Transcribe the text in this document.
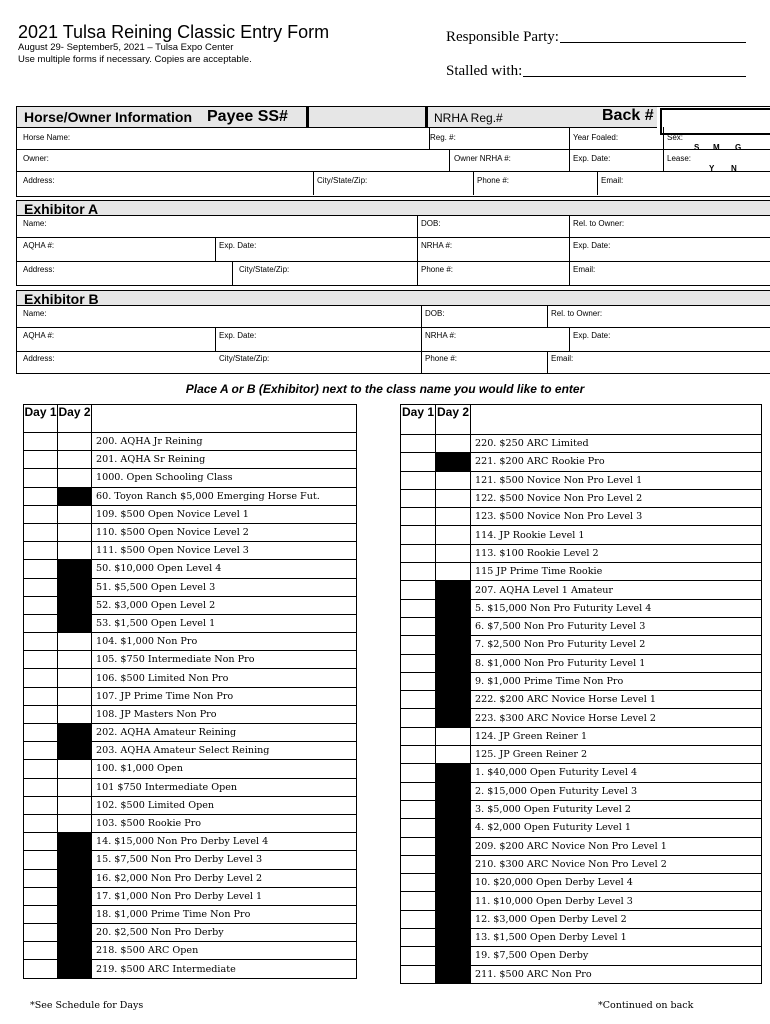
2021 Tulsa Reining Classic Entry Form
August 29- September5, 2021 – Tulsa Expo Center
Use multiple forms if necessary. Copies are acceptable.
Responsible Party:
Stalled with:
Horse/Owner Information Payee SS#	NRHA Reg.#	Back #
Horse Name:	Reg. #:	Year Foaled:	Sex:
S M G
Owner:	Owner NRHA #:	Exp. Date:	Lease:
Y N
Address:	City/State/Zip:	Phone #:	Email:
Exhibitor A
Name:	DOB:	Rel. to Owner:
AQHA #:	Exp. Date:	NRHA #:	Exp. Date:
Address:	City/State/Zip:	Phone #:	Email:
Exhibitor B
Name:	DOB:	Rel. to Owner:
AQHA #:	Exp. Date:	NRHA #:	Exp. Date:
Address:	City/State/Zip:	Phone #:	Email:
Place A or B (Exhibitor) next to the class name you would like to enter
Day 1	Day 2	
		200. AQHA Jr Reining
		201. AQHA Sr Reining
		1000. Open Schooling Class
		60. Toyon Ranch $5,000 Emerging Horse Fut.
		109. $500 Open Novice Level 1
		110. $500 Open Novice Level 2
		111. $500 Open Novice Level 3
		50. $10,000 Open Level 4
		51. $5,500 Open Level 3
		52. $3,000 Open Level 2
		53. $1,500 Open Level 1
		104. $1,000 Non Pro
		105. $750 Intermediate Non Pro
		106. $500 Limited Non Pro
		107. JP Prime Time Non Pro
		108. JP Masters Non Pro
		202. AQHA Amateur Reining
		203. AQHA Amateur Select Reining
		100. $1,000 Open
		101 $750 Intermediate Open
		102. $500 Limited Open
		103. $500 Rookie Pro
		14. $15,000 Non Pro Derby Level 4
		15. $7,500 Non Pro Derby Level 3
		16. $2,000 Non Pro Derby Level 2
		17. $1,000 Non Pro Derby Level 1
		18. $1,000 Prime Time Non Pro
		20. $2,500 Non Pro Derby
		218. $500 ARC Open
		219. $500 ARC Intermediate
Day 1	Day 2	
		220. $250 ARC Limited
		221. $200 ARC Rookie Pro
		121. $500 Novice Non Pro Level 1
		122. $500 Novice Non Pro Level 2
		123. $500 Novice Non Pro Level 3
		114. JP Rookie Level 1
		113. $100 Rookie Level 2
		115 JP Prime Time Rookie
		207. AQHA Level 1 Amateur
		5. $15,000 Non Pro Futurity Level 4
		6. $7,500 Non Pro Futurity Level 3
		7. $2,500 Non Pro Futurity Level 2
		8. $1,000 Non Pro Futurity Level 1
		9. $1,000 Prime Time Non Pro
		222. $200 ARC Novice Horse Level 1
		223. $300 ARC Novice Horse Level 2
		124. JP Green Reiner 1
		125. JP Green Reiner 2
		1. $40,000 Open Futurity Level 4
		2. $15,000 Open Futurity Level 3
		3. $5,000 Open Futurity Level 2
		4. $2,000 Open Futurity Level 1
		209. $200 ARC Novice Non Pro Level 1
		210. $300 ARC Novice Non Pro Level 2
		10. $20,000 Open Derby Level 4
		11. $10,000 Open Derby Level 3
		12. $3,000 Open Derby Level 2
		13. $1,500 Open Derby Level 1
		19. $7,500 Open Derby
		211. $500 ARC Non Pro
*See Schedule for Days	*Continued on back
